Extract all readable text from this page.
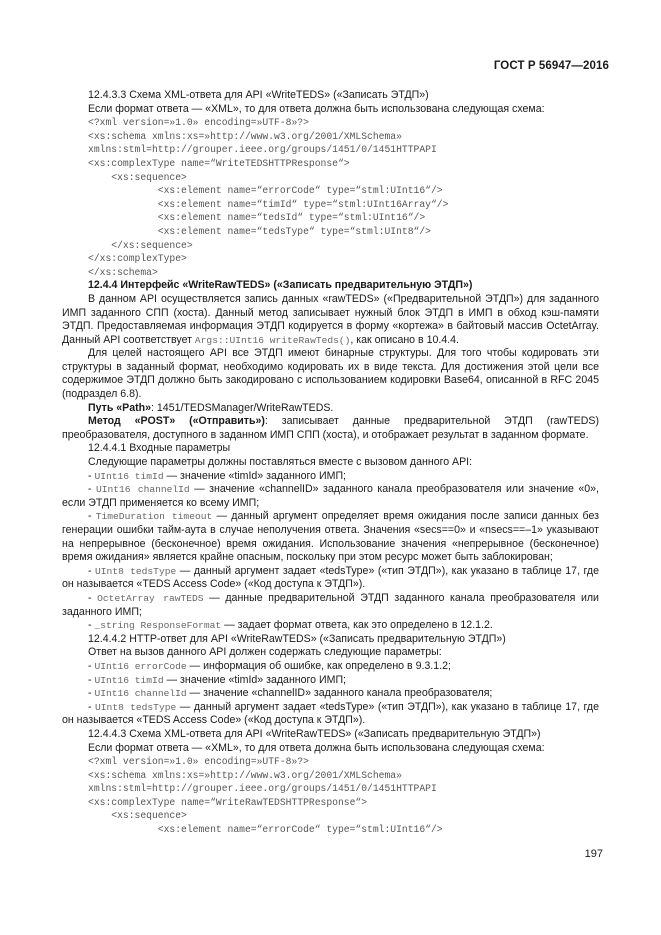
ГОСТ Р 56947—2016

12.4.3.3 Схема XML-ответа для API «WriteTEDS» («Записать ЭТДП»)

Если формат ответа — «XML», то для ответа должна быть использована следующая схема:

<?xml version=»1.0» encoding=»UTF-8»?>
<xs:schema xmlns:xs=»http://www.w3.org/2001/XMLSchema»
xmlns:stml=http://grouper.ieee.org/groups/1451/0/1451HTTPAPI
<xs:complexType name=“WriteTEDSHTTPResponse“>
<xs:sequence>
<xs:element name=“errorCode“ type=“stml:UInt16“/>
<xs:element name=“timId“ type=“stml:UInt16Array“/>
<xs:element name=“tedsId“ type=“stml:UInt16“/>
<xs:element name=“tedsType“ type=“stml:UInt8“/>
</xs:sequence>
</xs:complexType>
</xs:schema>

12.4.4 Интерфейс «WriteRawTEDS» («Записать предварительную ЭТДП»)

В данном API осуществляется запись данных «rawTEDS» («Предварительной ЭТДП») для заданного ИМП заданного СПП (хоста). Данный метод записывает нужный блок ЭТДП в ИМП в обход кэш-памяти ЭТДП. Предоставляемая информация ЭТДП кодируется в форму «кортежа» в байтовый массив OctetArray. Данный API соответствует Args::UInt16 writeRawTeds(), как описано в 10.4.4.

Для целей настоящего API все ЭТДП имеют бинарные структуры. Для того чтобы кодировать эти структуры в заданный формат, необходимо кодировать их в виде текста. Для достижения этой цели все содержимое ЭТДП должно быть закодировано с использованием кодировки Base64, описанной в RFC 2045 (подраздел 6.8).

Путь «Path»: 1451/TEDSManager/WriteRawTEDS.

Метод «POST» («Отправить»): записывает данные предварительной ЭТДП (rawTEDS) преобразователя, доступного в заданном ИМП СПП (хоста), и отображает результат в заданном формате.

12.4.4.1 Входные параметры

Следующие параметры должны поставляться вместе с вызовом данного API:

- UInt16 timId — значение «timId» заданного ИМП;

- UInt16 channelId — значение «channelID» заданного канала преобразователя или значение «0», если ЭТДП применяется ко всему ИМП;

- TimeDuration timeout — данный аргумент определяет время ожидания после записи данных без генерации ошибки тайм-аута в случае неполучения ответа. Значения «secs==0» и «nsecs==–1» указывают на непрерывное (бесконечное) время ожидания. Использование значения «непрерывное (бесконечное) время ожидания» является крайне опасным, поскольку при этом ресурс может быть заблокирован;

- UInt8 tedsType — данный аргумент задает «tedsType» («тип ЭТДП»), как указано в таблице 17, где он называется «TEDS Access Code» («Код доступа к ЭТДП»).

- OctetArray rawTEDS — данные предварительной ЭТДП заданного канала преобразователя или заданного ИМП;

- _string ResponseFormat — задает формат ответа, как это определено в 12.1.2.

12.4.4.2 HTTP-ответ для API «WriteRawTEDS» («Записать предварительную ЭТДП»)

Ответ на вызов данного API должен содержать следующие параметры:

- UInt16 errorCode — информация об ошибке, как определено в 9.3.1.2;

- UInt16 timId — значение «timId» заданного ИМП;

- UInt16 channelId — значение «channelID» заданного канала преобразователя;

- UInt8 tedsType — данный аргумент задает «tedsType» («тип ЭТДП»), как указано в таблице 17, где он называется «TEDS Access Code» («Код доступа к ЭТДП»).

12.4.4.3 Схема XML-ответа для API «WriteRawTEDS» («Записать предварительную ЭТДП»)

Если формат ответа — «XML», то для ответа должна быть использована следующая схема:

<?xml version=»1.0» encoding=»UTF-8»?>
<xs:schema xmlns:xs=»http://www.w3.org/2001/XMLSchema»
xmlns:stml=http://grouper.ieee.org/groups/1451/0/1451HTTPAPI
<xs:complexType name=“WriteRawTEDSHTTPResponse“>
<xs:sequence>
<xs:element name=“errorCode“ type=“stml:UInt16“/>
197
